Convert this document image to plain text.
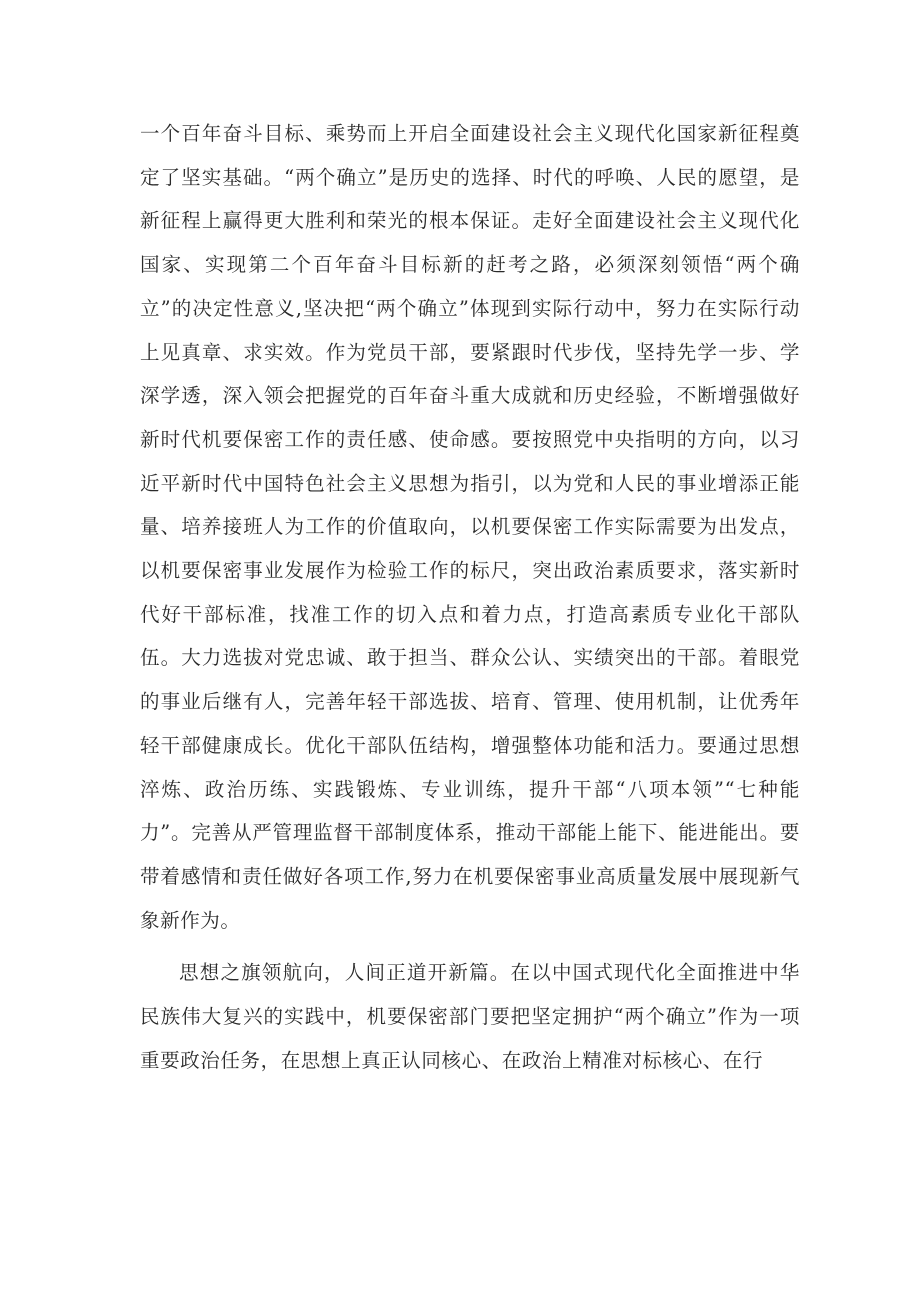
一个百年奋斗目标、乘势而上开启全面建设社会主义现代化国家新征程奠定了坚实基础。“两个确立”是历史的选择、时代的呼唤、人民的愿望，是新征程上赢得更大胜利和荣光的根本保证。走好全面建设社会主义现代化国家、实现第二个百年奋斗目标新的赶考之路，必须深刻领悟“两个确立”的决定性意义,坚决把“两个确立”体现到实际行动中，努力在实际行动上见真章、求实效。作为党员干部，要紧跟时代步伐，坚持先学一步、学深学透，深入领会把握党的百年奋斗重大成就和历史经验，不断增强做好新时代机要保密工作的责任感、使命感。要按照党中央指明的方向，以习近平新时代中国特色社会主义思想为指引，以为党和人民的事业增添正能量、培养接班人为工作的价值取向，以机要保密工作实际需要为出发点，以机要保密事业发展作为检验工作的标尺，突出政治素质要求，落实新时代好干部标准，找准工作的切入点和着力点，打造高素质专业化干部队伍。大力选拔对党忠诚、敢于担当、群众公认、实绩突出的干部。着眼党的事业后继有人，完善年轻干部选拔、培育、管理、使用机制，让优秀年轻干部健康成长。优化干部队伍结构，增强整体功能和活力。要通过思想淬炼、政治历练、实践锻炼、专业训练，提升干部“八项本领”“七种能力”。完善从严管理监督干部制度体系，推动干部能上能下、能进能出。要带着感情和责任做好各项工作,努力在机要保密事业高质量发展中展现新气象新作为。

思想之旗领航向，人间正道开新篇。在以中国式现代化全面推进中华民族伟大复兴的实践中，机要保密部门要把坚定拥护“两个确立”作为一项重要政治任务，在思想上真正认同核心、在政治上精准对标核心、在行
